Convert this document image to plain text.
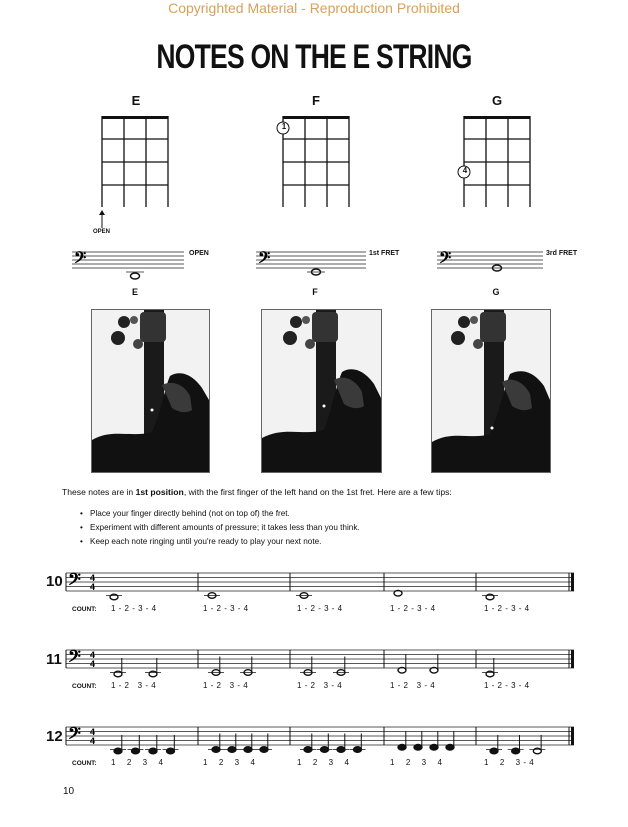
Copyrighted Material - Reproduction Prohibited
NOTES ON THE E STRING
E	F	G
𝄢	𝄢	𝄢
1
4
OPEN
OPEN	1st FRET	3rd FRET
E	F	G
These notes are in 1st position, with the first finger of the left hand on the 1st fret. Here are a few tips:
• Place your finger directly behind (not on top of) the fret.
• Experiment with different amounts of pressure; it takes less than you think.
• Keep each note ringing until you're ready to play your next note.
10
11
12
𝄢 4
4
𝄢 4
4
𝄢 4
4
COUNT:
COUNT:
COUNT:
1 - 2 - 3 - 4	1 - 2 - 3 - 4	1 - 2 - 3 - 4	1 - 2 - 3 - 4	1 - 2 - 3 - 4
1 - 2   3 - 4	1 - 2   3 - 4	1 - 2   3 - 4	1 - 2   3 - 4	1 - 2 - 3 - 4
1    2    3    4	1    2    3    4	1    2    3    4	1    2    3    4	1    2    3 - 4
10
